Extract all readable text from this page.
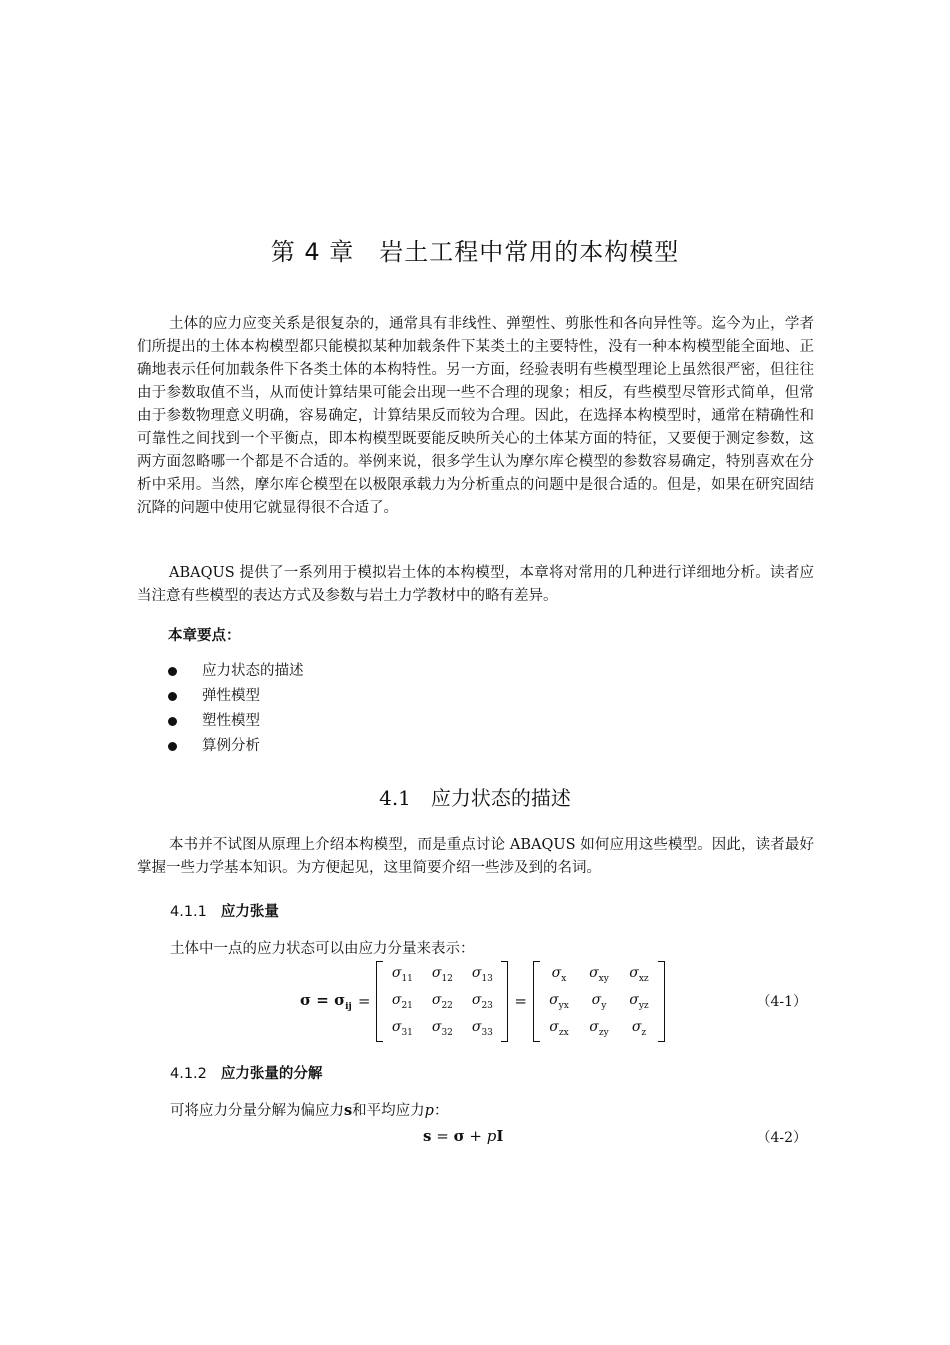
第 4 章　岩土工程中常用的本构模型

土体的应力应变关系是很复杂的，通常具有非线性、弹塑性、剪胀性和各向异性等。迄今为止，学者们所提出的土体本构模型都只能模拟某种加载条件下某类土的主要特性，没有一种本构模型能全面地、正确地表示任何加载条件下各类土体的本构特性。另一方面，经验表明有些模型理论上虽然很严密，但往往由于参数取值不当，从而使计算结果可能会出现一些不合理的现象；相反，有些模型尽管形式简单，但常由于参数物理意义明确，容易确定，计算结果反而较为合理。因此，在选择本构模型时，通常在精确性和可靠性之间找到一个平衡点，即本构模型既要能反映所关心的土体某方面的特征，又要便于测定参数，这两方面忽略哪一个都是不合适的。举例来说，很多学生认为摩尔库仑模型的参数容易确定，特别喜欢在分析中采用。当然，摩尔库仑模型在以极限承载力为分析重点的问题中是很合适的。但是，如果在研究固结沉降的问题中使用它就显得很不合适了。

ABAQUS 提供了一系列用于模拟岩土体的本构模型，本章将对常用的几种进行详细地分析。读者应当注意有些模型的表达方式及参数与岩土力学教材中的略有差异。

本章要点：
应力状态的描述
弹性模型
塑性模型
算例分析
4.1　应力状态的描述

本书并不试图从原理上介绍本构模型，而是重点讨论 ABAQUS 如何应用这些模型。因此，读者最好掌握一些力学基本知识。为方便起见，这里简要介绍一些涉及到的名词。

4.1.1 应力张量
土体中一点的应力状态可以由应力分量来表示：
$\sigma = \sigma_{ij}$ =
$\sigma_{11}$ $\sigma_{12}$ $\sigma_{13}$
$\sigma_{21}$ $\sigma_{22}$ $\sigma_{23}$
$\sigma_{31}$ $\sigma_{32}$ $\sigma_{33}$
=
$\sigma_x$ $\sigma_{xy}$ $\sigma_{xz}$
$\sigma_{yx}$ $\sigma_y$ $\sigma_{yz}$
$\sigma_{zx}$ $\sigma_{zy}$ $\sigma_z$
（4-1）
4.1.2 应力张量的分解
可将应力分量分解为偏应力s和平均应力p：
s = σ + pI	（4-2）
